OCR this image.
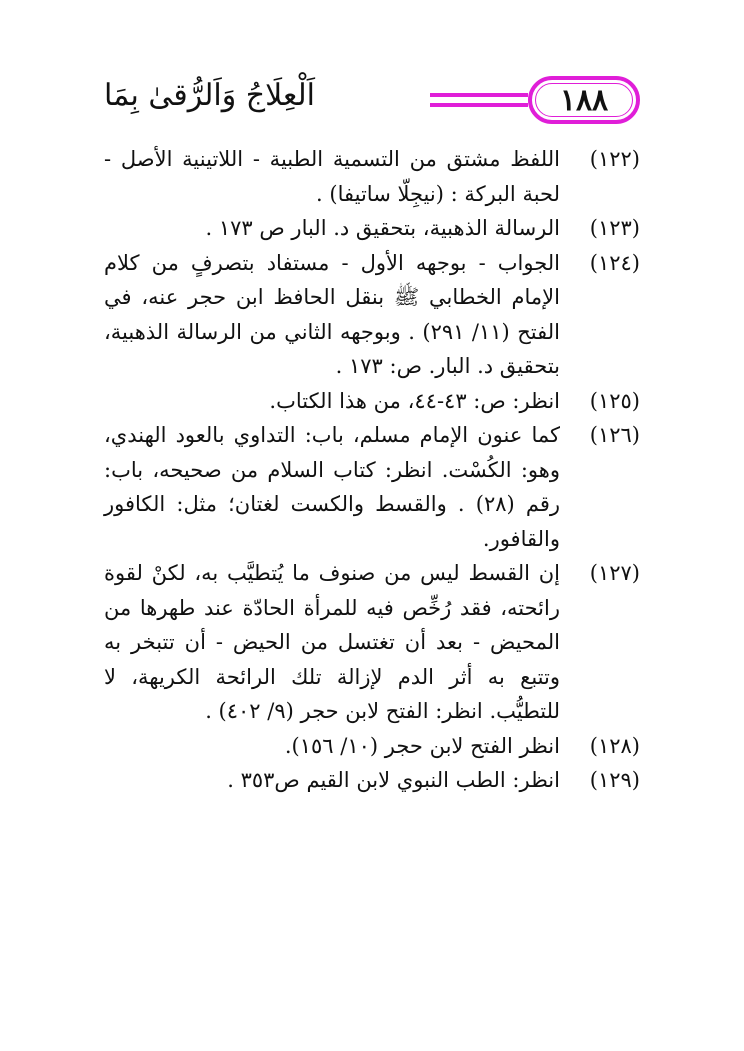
١٨٨
اَلْعِلَاجُ وَاَلرُّقىٰ بِمَا
(١٢٢)
اللفظ مشتق من التسمية الطبية - اللاتينية الأصل - لحبة البركة : (نيجِلّا ساتيفا) .
(١٢٣)
الرسالة الذهبية، بتحقيق د. البار ص ١٧٣ .
(١٢٤)
الجواب - بوجهه الأول - مستفاد بتصرفٍ من كلام الإمام الخطابي ﷺ بنقل الحافظ ابن حجر عنه، في الفتح (١١/ ٢٩١) . وبوجهه الثاني من الرسالة الذهبية، بتحقيق د. البار. ص: ١٧٣ .
(١٢٥)
انظر: ص: ٤٣-٤٤، من هذا الكتاب.
(١٢٦)
كما عنون الإمام مسلم، باب: التداوي بالعود الهندي، وهو: الكُسْت. انظر: كتاب السلام من صحيحه، باب: رقم (٢٨) . والقسط والكست لغتان؛ مثل: الكافور والقافور.
(١٢٧)
إن القسط ليس من صنوف ما يُتطيَّب به، لكنْ لقوة رائحته، فقد رُخِّص فيه للمرأة الحادّة عند طهرها من المحيض - بعد أن تغتسل من الحيض - أن تتبخر به وتتبع به أثر الدم لإزالة تلك الرائحة الكريهة، لا للتطيُّب. انظر: الفتح لابن حجر (٩/ ٤٠٢) .
(١٢٨)
انظر الفتح لابن حجر (١٠/ ١٥٦).
(١٢٩)
انظر: الطب النبوي لابن القيم ص٣٥٣ .
